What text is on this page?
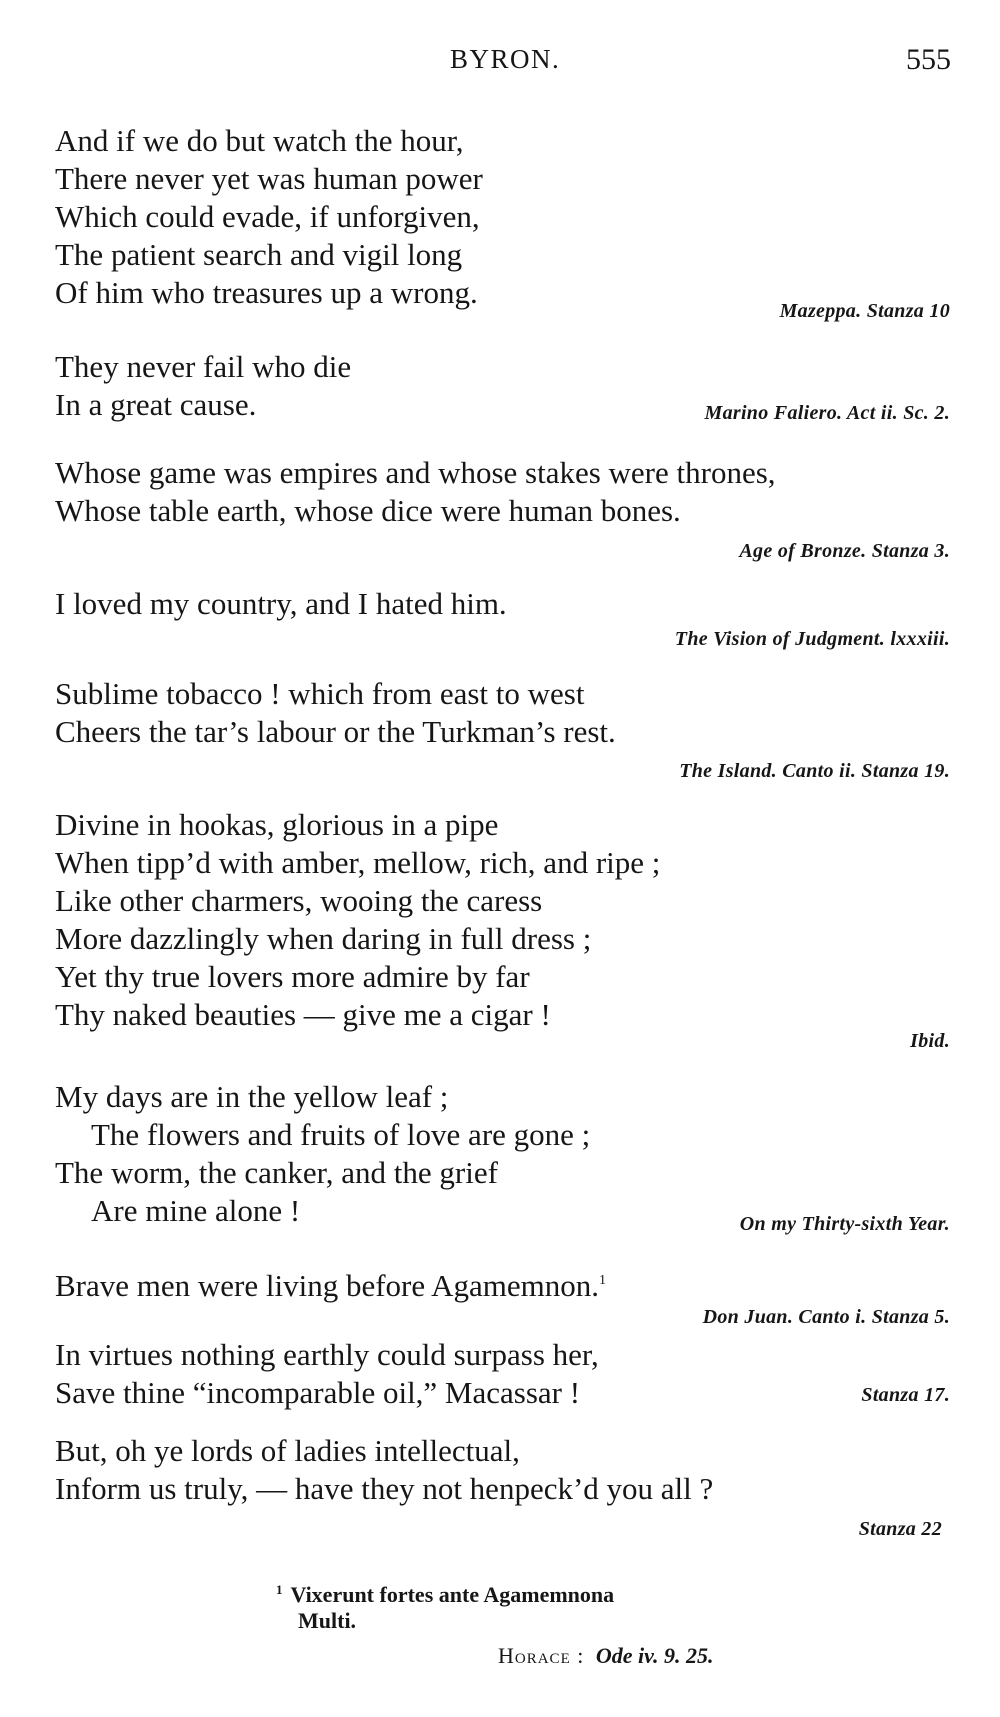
BYRON.	555
And if we do but watch the hour,
There never yet was human power
Which could evade, if unforgiven,
The patient search and vigil long
Of him who treasures up a wrong.
Mazeppa. Stanza 10
They never fail who die
In a great cause.	Marino Faliero. Act ii. Sc. 2.
Whose game was empires and whose stakes were thrones,
Whose table earth, whose dice were human bones.
Age of Bronze. Stanza 3.
I loved my country, and I hated him.
The Vision of Judgment. lxxxiii.
Sublime tobacco ! which from east to west
Cheers the tar’s labour or the Turkman’s rest.
The Island. Canto ii. Stanza 19.
Divine in hookas, glorious in a pipe
When tipp’d with amber, mellow, rich, and ripe ;
Like other charmers, wooing the caress
More dazzlingly when daring in full dress ;
Yet thy true lovers more admire by far
Thy naked beauties — give me a cigar !
Ibid.
My days are in the yellow leaf ;
The flowers and fruits of love are gone ;
The worm, the canker, and the grief
Are mine alone !	On my Thirty-sixth Year.
Brave men were living before Agamemnon.$^1$
Don Juan. Canto i. Stanza 5.
In virtues nothing earthly could surpass her,
Save thine “incomparable oil,” Macassar !	Stanza 17.
But, oh ye lords of ladies intellectual,
Inform us truly, — have they not henpeck’d you all ?
Stanza 22
$^1$ Vixerunt fortes ante Agamemnona
Multi.
Horace : Ode iv. 9. 25.
